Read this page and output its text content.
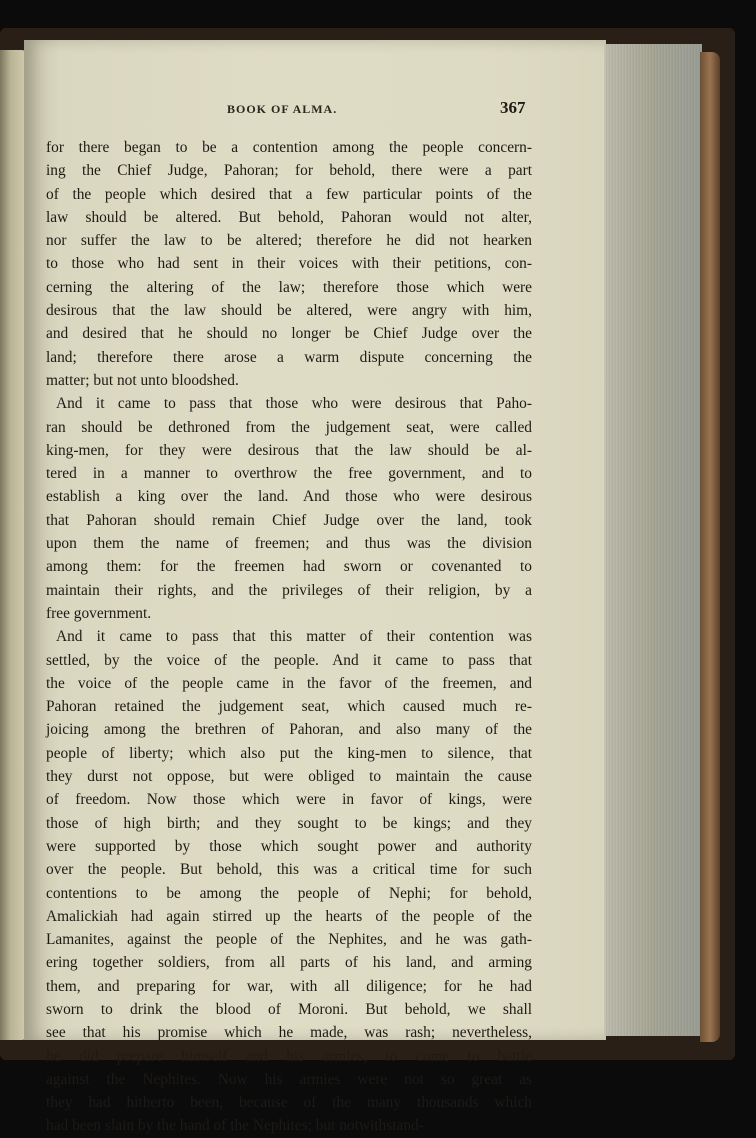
BOOK OF ALMA.	367
for there began to be a contention among the people concern-
ing the Chief Judge, Pahoran; for behold, there were a part
of the people which desired that a few particular points of the
law should be altered. But behold, Pahoran would not alter,
nor suffer the law to be altered; therefore he did not hearken
to those who had sent in their voices with their petitions, con-
cerning the altering of the law; therefore those which were
desirous that the law should be altered, were angry with him,
and desired that he should no longer be Chief Judge over the
land; therefore there arose a warm dispute concerning the
matter; but not unto bloodshed.
And it came to pass that those who were desirous that Paho-
ran should be dethroned from the judgement seat, were called
king-men, for they were desirous that the law should be al-
tered in a manner to overthrow the free government, and to
establish a king over the land. And those who were desirous
that Pahoran should remain Chief Judge over the land, took
upon them the name of freemen; and thus was the division
among them: for the freemen had sworn or covenanted to
maintain their rights, and the privileges of their religion, by a
free government.
And it came to pass that this matter of their contention was
settled, by the voice of the people. And it came to pass that
the voice of the people came in the favor of the freemen, and
Pahoran retained the judgement seat, which caused much re-
joicing among the brethren of Pahoran, and also many of the
people of liberty; which also put the king-men to silence, that
they durst not oppose, but were obliged to maintain the cause
of freedom. Now those which were in favor of kings, were
those of high birth; and they sought to be kings; and they
were supported by those which sought power and authority
over the people. But behold, this was a critical time for such
contentions to be among the people of Nephi; for behold,
Amalickiah had again stirred up the hearts of the people of the
Lamanites, against the people of the Nephites, and he was gath-
ering together soldiers, from all parts of his land, and arming
them, and preparing for war, with all diligence; for he had
sworn to drink the blood of Moroni. But behold, we shall
see that his promise which he made, was rash; nevertheless,
he did prepare himself and his armies, to come to battle
against the Nephites. Now his armies were not so great as
they had hitherto been, because of the many thousands which
had been slain by the hand of the Nephites; but notwithstand-
